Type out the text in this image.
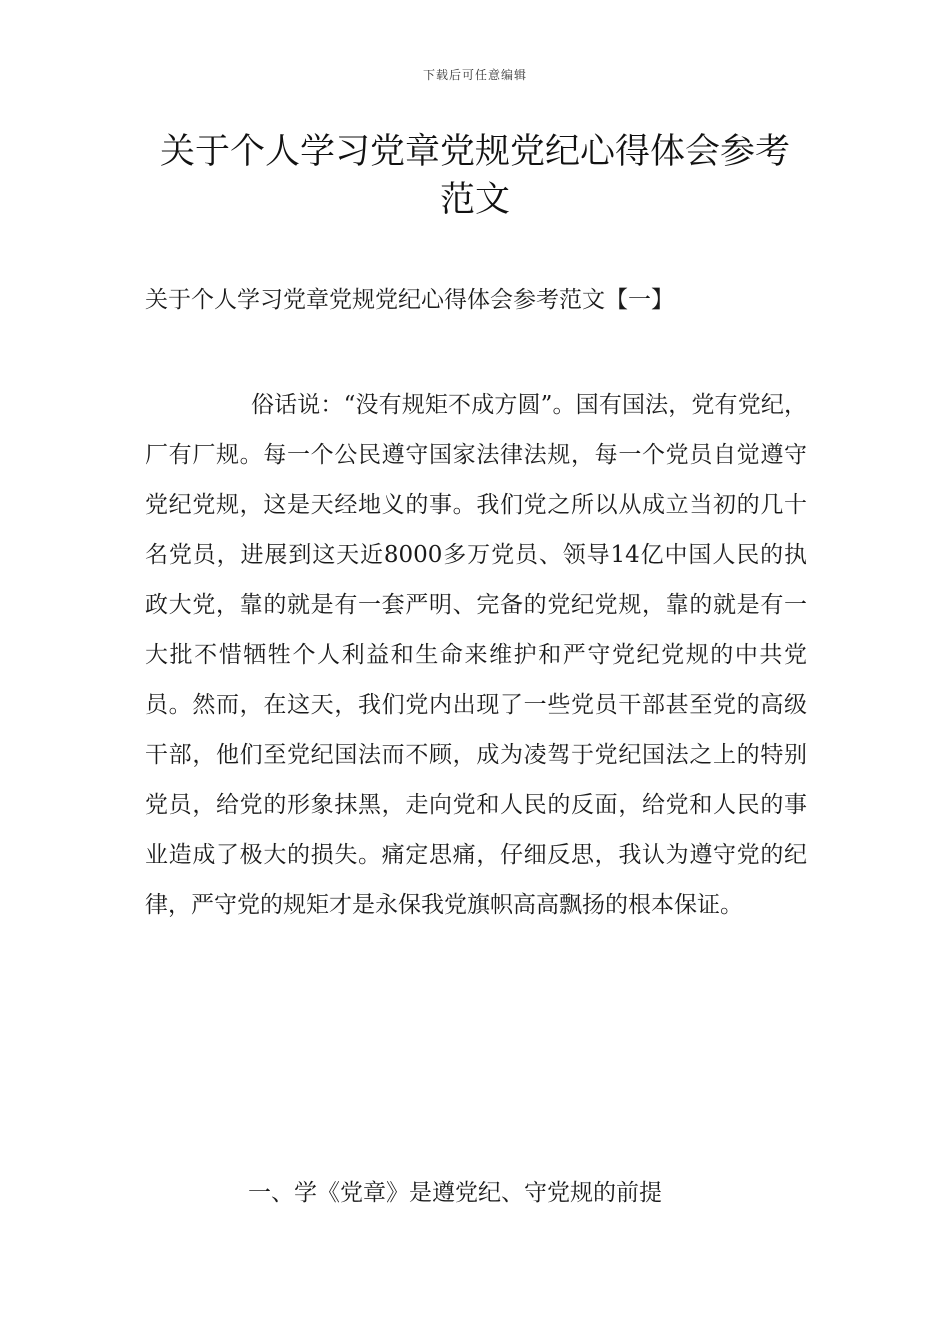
下载后可任意编辑
关于个人学习党章党规党纪心得体会参考范文

关于个人学习党章党规党纪心得体会参考范文【一】

俗话说：“没有规矩不成方圆”。国有国法，党有党纪，厂有厂规。每一个公民遵守国家法律法规，每一个党员自觉遵守党纪党规，这是天经地义的事。我们党之所以从成立当初的几十名党员，进展到这天近8000多万党员、领导14亿中国人民的执政大党，靠的就是有一套严明、完备的党纪党规，靠的就是有一大批不惜牺牲个人利益和生命来维护和严守党纪党规的中共党员。然而，在这天，我们党内出现了一些党员干部甚至党的高级干部，他们至党纪国法而不顾，成为凌驾于党纪国法之上的特别党员，给党的形象抹黑，走向党和人民的反面，给党和人民的事业造成了极大的损失。痛定思痛，仔细反思，我认为遵守党的纪律，严守党的规矩才是永保我党旗帜高高飘扬的根本保证。

一、学《党章》是遵党纪、守党规的前提
